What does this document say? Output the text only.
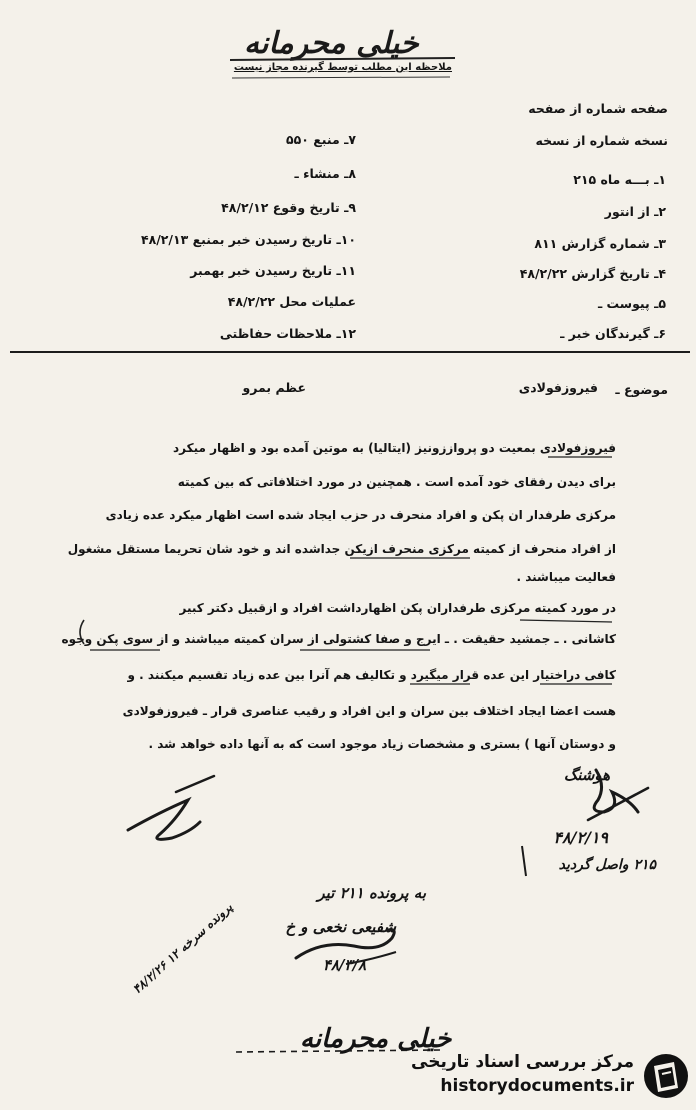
خیلی محرمانه
ملاحظه این مطلب توسط گیرنده مجاز نیست
صفحه شماره از صفحه
نسخه شماره از نسخه
۱ـ بـــه ماه ۲۱۵
۲ـ از انتور
۳ـ شماره گزارش ۸۱۱
۴ـ تاریخ گزارش ۴۸/۲/۲۲
۵ـ پیوست ـ
۶ـ گیرندگان خبر ـ
۷ـ منبع ۵۵۰
۸ـ منشاء ـ
۹ـ تاریخ وقوع ۴۸/۲/۱۲
۱۰ـ تاریخ رسیدن خبر بمنبع ۴۸/۲/۱۳
۱۱ـ تاریخ رسیدن خبر بهمبر
عملیات محل ۴۸/۲/۲۲
۱۲ـ ملاحظات حفاظتی
موضوع ـ
فیروزفولادی
عظم بمرو
فیروزفولادی بمعیت دو پرواززونیز (ایتالیا) به موتین آمده بود و اظهار میکرد
برای دیدن رفقای خود آمده است . همچنین در مورد اختلافاتی که بین کمیته
مرکزی طرفدار ان پکن و افراد منحرف در حزب ایجاد شده است اظهار میکرد عده زیادی
از افراد منحرف از کمیته مرکزی منحرف ازیکن جداشده اند و خود شان تحریما مستقل مشغول
فعالیت میباشند .
در مورد کمیته مرکزی طرفداران پکن اظهارداشت افراد و ازقبیل دکتر کبیر
کاشانی . ـ جمشید حقیقت . ـ ایرج و صفا کشتولی از سران کمیته میباشند و از سوی پکن وجوه
کافی دراختیار این عده قرار میگیرد و تکالیف هم آنرا بین عده زیاد تقسیم میکنند . و
هست اعضا ایجاد اختلاف بین سران و این افراد و رقیب عناصری قرار ـ فیروزفولادی
و دوستان آنها ) بستری و مشخصات زیاد موجود است که به آنها داده خواهد شد .
هوشنگ
۴۸/۲/۱۹
۲۱۵ واصل گردید
به پرونده ۲۱۱ تیر
شفیعی نخعی و خ
۴۸/۳/۸
پرونده سرخه ۱۲ ۴۸/۲/۲۶
خیلی محرمانه
مرکز بررسی اسناد تاریخی
historydocuments.ir
